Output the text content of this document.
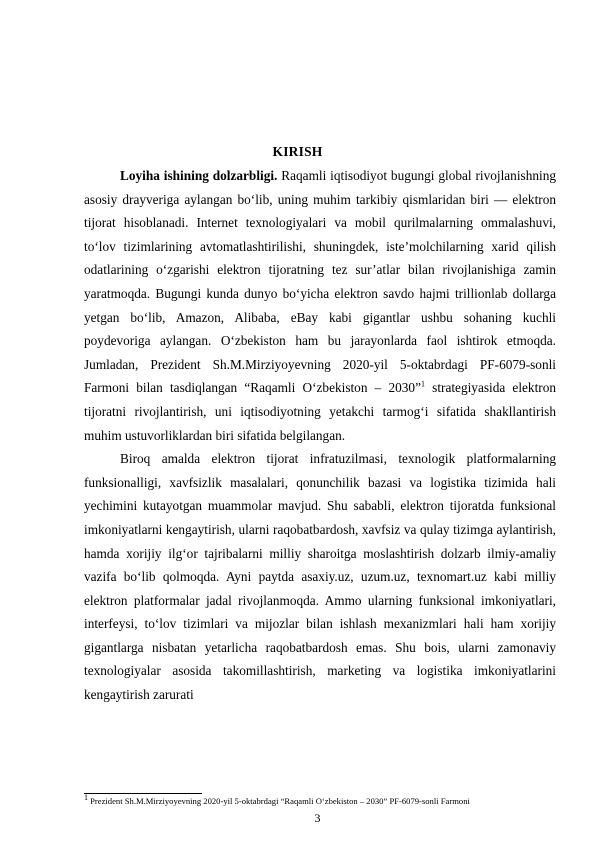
KIRISH

Loyiha ishining dolzarbligi. Raqamli iqtisodiyot bugungi global rivojlanishning asosiy drayveriga aylangan bo‘lib, uning muhim tarkibiy qismlaridan biri — elektron tijorat hisoblanadi. Internet texnologiyalari va mobil qurilmalarning ommalashuvi, to‘lov tizimlarining avtomatlashtirilishi, shuningdek, iste’molchilarning xarid qilish odatlarining o‘zgarishi elektron tijoratning tez sur’atlar bilan rivojlanishiga zamin yaratmoqda. Bugungi kunda dunyo bo‘yicha elektron savdo hajmi trillionlab dollarga yetgan bo‘lib, Amazon, Alibaba, eBay kabi gigantlar ushbu sohaning kuchli poydevoriga aylangan. O‘zbekiston ham bu jarayonlarda faol ishtirok etmoqda. Jumladan, Prezident Sh.M.Mirziyoyevning 2020-yil 5-oktabrdagi PF-6079-sonli Farmoni bilan tasdiqlangan “Raqamli O‘zbekiston – 2030”$^1$ strategiyasida elektron tijoratni rivojlantirish, uni iqtisodiyotning yetakchi tarmog‘i sifatida shakllantirish muhim ustuvorliklardan biri sifatida belgilangan.

Biroq amalda elektron tijorat infratuzilmasi, texnologik platformalarning funksionalligi, xavfsizlik masalalari, qonunchilik bazasi va logistika tizimida hali yechimini kutayotgan muammolar mavjud. Shu sababli, elektron tijoratda funksional imkoniyatlarni kengaytirish, ularni raqobatbardosh, xavfsiz va qulay tizimga aylantirish, hamda xorijiy ilg‘or tajribalarni milliy sharoitga moslashtirish dolzarb ilmiy-amaliy vazifa bo‘lib qolmoqda. Ayni paytda asaxiy.uz, uzum.uz, texnomart.uz kabi milliy elektron platformalar jadal rivojlanmoqda. Ammo ularning funksional imkoniyatlari, interfeysi, to‘lov tizimlari va mijozlar bilan ishlash mexanizmlari hali ham xorijiy gigantlarga nisbatan yetarlicha raqobatbardosh emas. Shu bois, ularni zamonaviy texnologiyalar asosida takomillashtirish, marketing va logistika imkoniyatlarini kengaytirish zarurati

$^1$ Prezident Sh.M.Mirziyoyevning 2020-yil 5-oktabrdagi “Raqamli O‘zbekiston – 2030” PF-6079-sonli Farmoni
3
